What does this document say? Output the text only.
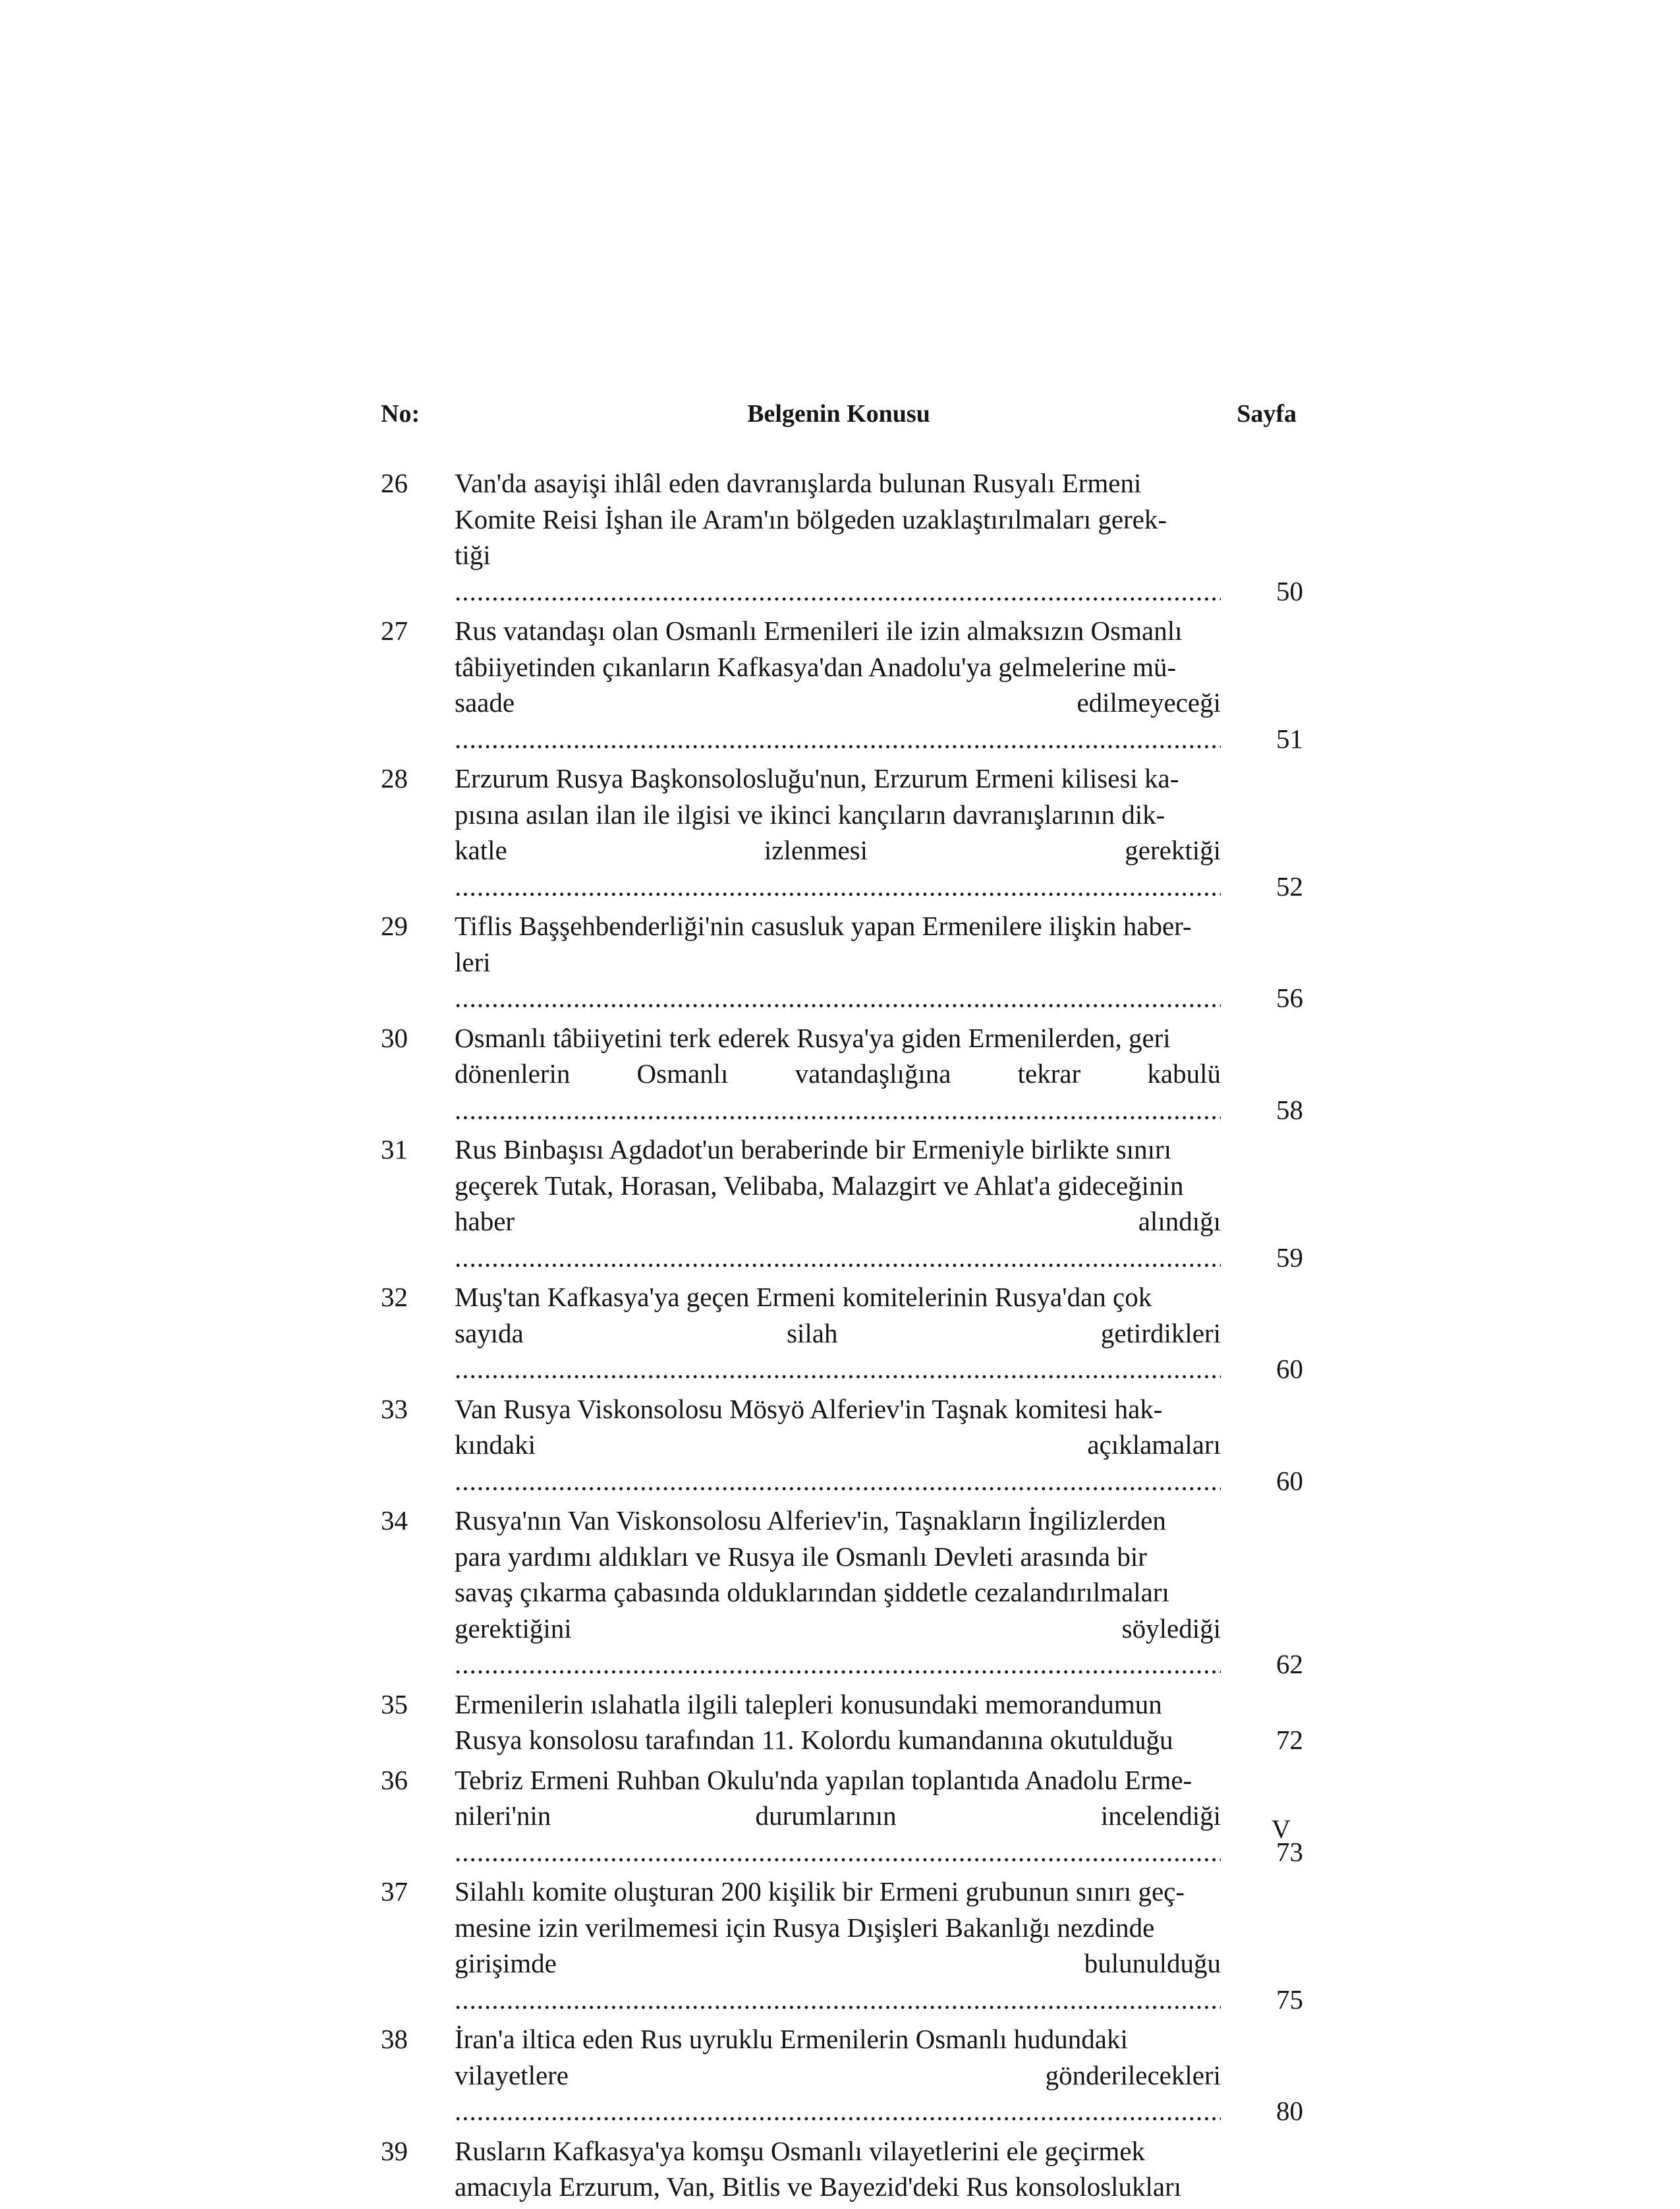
No:	Belgenin Konusu	Sayfa
26 Van'da asayişi ihlâl eden davranışlarda bulunan Rusyalı Ermeni
Komite Reisi İşhan ile Aram'ın bölgeden uzaklaştırılmaları gerek-
tiği .....
50
27 Rus vatandaşı olan Osmanlı Ermenileri ile izin almaksızın Osmanlı
tâbiiyetinden çıkanların Kafkasya'dan Anadolu'ya gelmelerine mü-
saade edilmeyeceği .....
51
28 Erzurum Rusya Başkonsolosluğu'nun, Erzurum Ermeni kilisesi ka-
pısına asılan ilan ile ilgisi ve ikinci kançıların davranışlarının dik-
katle izlenmesi gerektiği .....
52
29 Tiflis Başşehbenderliği'nin casusluk yapan Ermenilere ilişkin haber-
leri .....
56
30 Osmanlı tâbiiyetini terk ederek Rusya'ya giden Ermenilerden, geri
dönenlerin Osmanlı vatandaşlığına tekrar kabulü .....
58
31 Rus Binbaşısı Agdadot'un beraberinde bir Ermeniyle birlikte sınırı
geçerek Tutak, Horasan, Velibaba, Malazgirt ve Ahlat'a gideceğinin
haber alındığı .....
59
32 Muş'tan Kafkasya'ya geçen Ermeni komitelerinin Rusya'dan çok
sayıda silah getirdikleri .....
60
33 Van Rusya Viskonsolosu Mösyö Alferiev'in Taşnak komitesi hak-
kındaki açıklamaları .....
60
34 Rusya'nın Van Viskonsolosu Alferiev'in, Taşnakların İngilizlerden
para yardımı aldıkları ve Rusya ile Osmanlı Devleti arasında bir
savaş çıkarma çabasında olduklarından şiddetle cezalandırılmaları
gerektiğini söylediği .....
62
35 Ermenilerin ıslahatla ilgili talepleri konusundaki memorandumun
Rusya konsolosu tarafından 11. Kolordu kumandanına okutulduğu	72
36 Tebriz Ermeni Ruhban Okulu'nda yapılan toplantıda Anadolu Erme-
nileri'nin durumlarının incelendiği .....
73
37 Silahlı komite oluşturan 200 kişilik bir Ermeni grubunun sınırı geç-
mesine izin verilmemesi için Rusya Dışişleri Bakanlığı nezdinde
girişimde bulunulduğu .....
75
38 İran'a iltica eden Rus uyruklu Ermenilerin Osmanlı hudundaki
vilayetlere gönderilecekleri .....
80
39 Rusların Kafkasya'ya komşu Osmanlı vilayetlerini ele geçirmek
amacıyla Erzurum, Van, Bitlis ve Bayezid'deki Rus konsoloslukları
V
